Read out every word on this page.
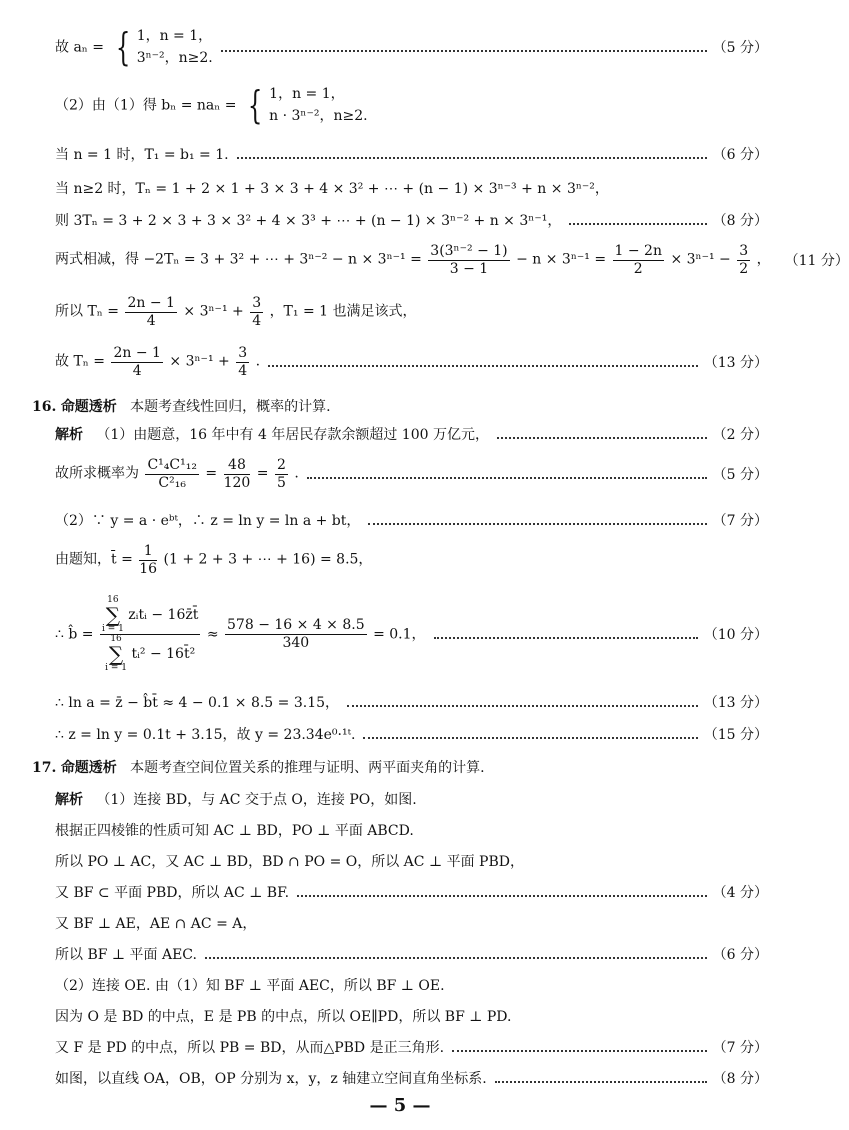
故 aₙ = { 1，n = 1，
3ⁿ⁻²，n≥2.
（5 分）
（2）由（1）得 bₙ = naₙ = { 1，n = 1，
n · 3ⁿ⁻²，n≥2.
当 n = 1 时，T₁ = b₁ = 1.	（6 分）
当 n≥2 时，Tₙ = 1 + 2 × 1 + 3 × 3 + 4 × 3² + ⋯ + (n − 1) × 3ⁿ⁻³ + n × 3ⁿ⁻²，
则 3Tₙ = 3 + 2 × 3 + 3 × 3² + 4 × 3³ + ⋯ + (n − 1) × 3ⁿ⁻² + n × 3ⁿ⁻¹，	（8 分）
两式相减，得 −2Tₙ = 3 + 3² + ⋯ + $3^{n-2} - n \times 3^{n-1} = \frac{\text{3(3ⁿ⁻² − 1)}}{3 - 1} - n \times 3^{n-1} = \frac{1 - 2n}{2} \times 3^{n-1} - \frac{3}{2}$ ， （11 分）
所以 $T_n = \frac{2n - 1}{4} \times 3^{n-1} + \frac{3}{4}$ ，T₁ = 1 也满足该式，
故 $T_n = \frac{2n - 1}{4} \times 3^{n-1} + \frac{3}{4}$ .	（13 分）
16. 命题透析 本题考查线性回归，概率的计算.
解析 （1）由题意，16 年中有 4 年居民存款余额超过 100 万亿元，	（2 分）
故所求概率为 $\frac{\text{C¹₄C¹₁₂}}{\text{C²₁₆}} = \frac{48}{120} = \frac{2}{5}$ .	（5 分）
（2）∵ y = a · eᵇᵗ，∴ z = ln y = ln a + bt，	（7 分）
由题知，t̄ = $\frac{1}{16} (1 + 2 + 3$ + ⋯ + 16) = 8.5，
∴ b̂ = 16
∑
i = 1
zᵢtᵢ − 16z̄t̄
16
∑
i = 1
tᵢ² − 16t̄² ≈ $\frac{578 - 16 \times 4 \times 8.5}{340} = 0.1$，	（10 分）
∴ ln a = z̄ − b̂t̄ ≈ 4 − 0.1 × 8.5 = 3.15，	（13 分）
∴ z = ln y = 0.1t + 3.15，故 y = 23.34e⁰·¹ᵗ.	（15 分）
17. 命题透析 本题考查空间位置关系的推理与证明、两平面夹角的计算.
解析 （1）连接 BD，与 AC 交于点 O，连接 PO，如图.
根据正四棱锥的性质可知 AC ⊥ BD，PO ⊥ 平面 ABCD.
所以 PO ⊥ AC，又 AC ⊥ BD，BD ∩ PO = O，所以 AC ⊥ 平面 PBD，
又 BF ⊂ 平面 PBD，所以 AC ⊥ BF.	（4 分）
又 BF ⊥ AE，AE ∩ AC = A，
所以 BF ⊥ 平面 AEC.	（6 分）
（2）连接 OE. 由（1）知 BF ⊥ 平面 AEC，所以 BF ⊥ OE.
因为 O 是 BD 的中点，E 是 PB 的中点，所以 OE∥PD，所以 BF ⊥ PD.
又 F 是 PD 的中点，所以 PB = BD，从而△PBD 是正三角形.	（7 分）
如图，以直线 OA，OB，OP 分别为 x，y，z 轴建立空间直角坐标系.	（8 分）
— 5 —
